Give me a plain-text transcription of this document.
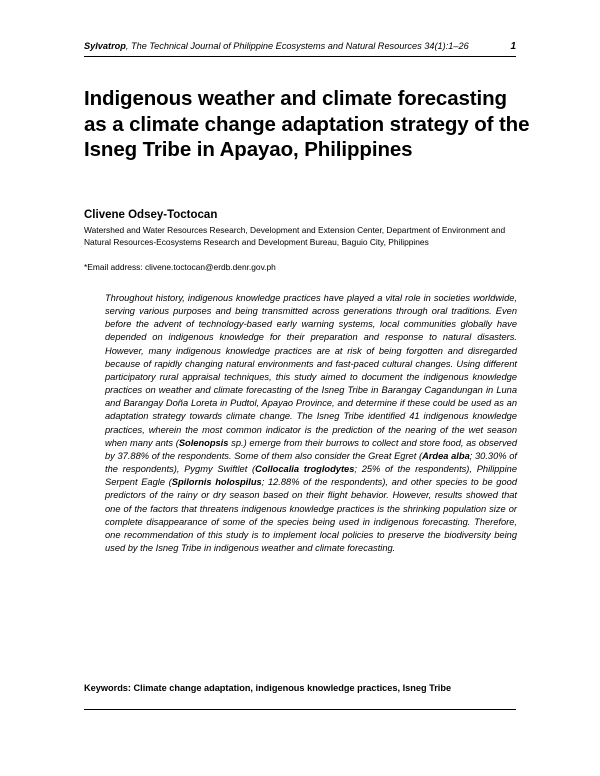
Sylvatrop, The Technical Journal of Philippine Ecosystems and Natural Resources 34(1):1–26	1
Indigenous weather and climate forecasting as a climate change adaptation strategy of the Isneg Tribe in Apayao, Philippines
Clivene Odsey-Toctocan
Watershed and Water Resources Research, Development and Extension Center, Department of Environment and Natural Resources-Ecosystems Research and Development Bureau, Baguio City, Philippines
*Email address: clivene.toctocan@erdb.denr.gov.ph

Throughout history, indigenous knowledge practices have played a vital role in societies worldwide, serving various purposes and being transmitted across generations through oral traditions. Even before the advent of technology-based early warning systems, local communities globally have depended on indigenous knowledge for their preparation and response to natural disasters. However, many indigenous knowledge practices are at risk of being forgotten and disregarded because of rapidly changing natural environments and fast-paced cultural changes. Using different participatory rural appraisal techniques, this study aimed to document the indigenous knowledge practices on weather and climate forecasting of the Isneg Tribe in Barangay Cagandungan in Luna and Barangay Doña Loreta in Pudtol, Apayao Province, and determine if these could be used as an adaptation strategy towards climate change. The Isneg Tribe identified 41 indigenous knowledge practices, wherein the most common indicator is the prediction of the nearing of the wet season when many ants (Solenopsis sp.) emerge from their burrows to collect and store food, as observed by 37.88% of the respondents. Some of them also consider the Great Egret (Ardea alba; 30.30% of the respondents), Pygmy Swiftlet (Collocalia troglodytes; 25% of the respondents), Philippine Serpent Eagle (Spilornis holospilus; 12.88% of the respondents), and other species to be good predictors of the rainy or dry season based on their flight behavior. However, results showed that one of the factors that threatens indigenous knowledge practices is the shrinking population size or complete disappearance of some of the species being used in indigenous forecasting. Therefore, one recommendation of this study is to implement local policies to preserve the biodiversity being used by the Isneg Tribe in indigenous weather and climate forecasting.

Keywords: Climate change adaptation, indigenous knowledge practices, Isneg Tribe
